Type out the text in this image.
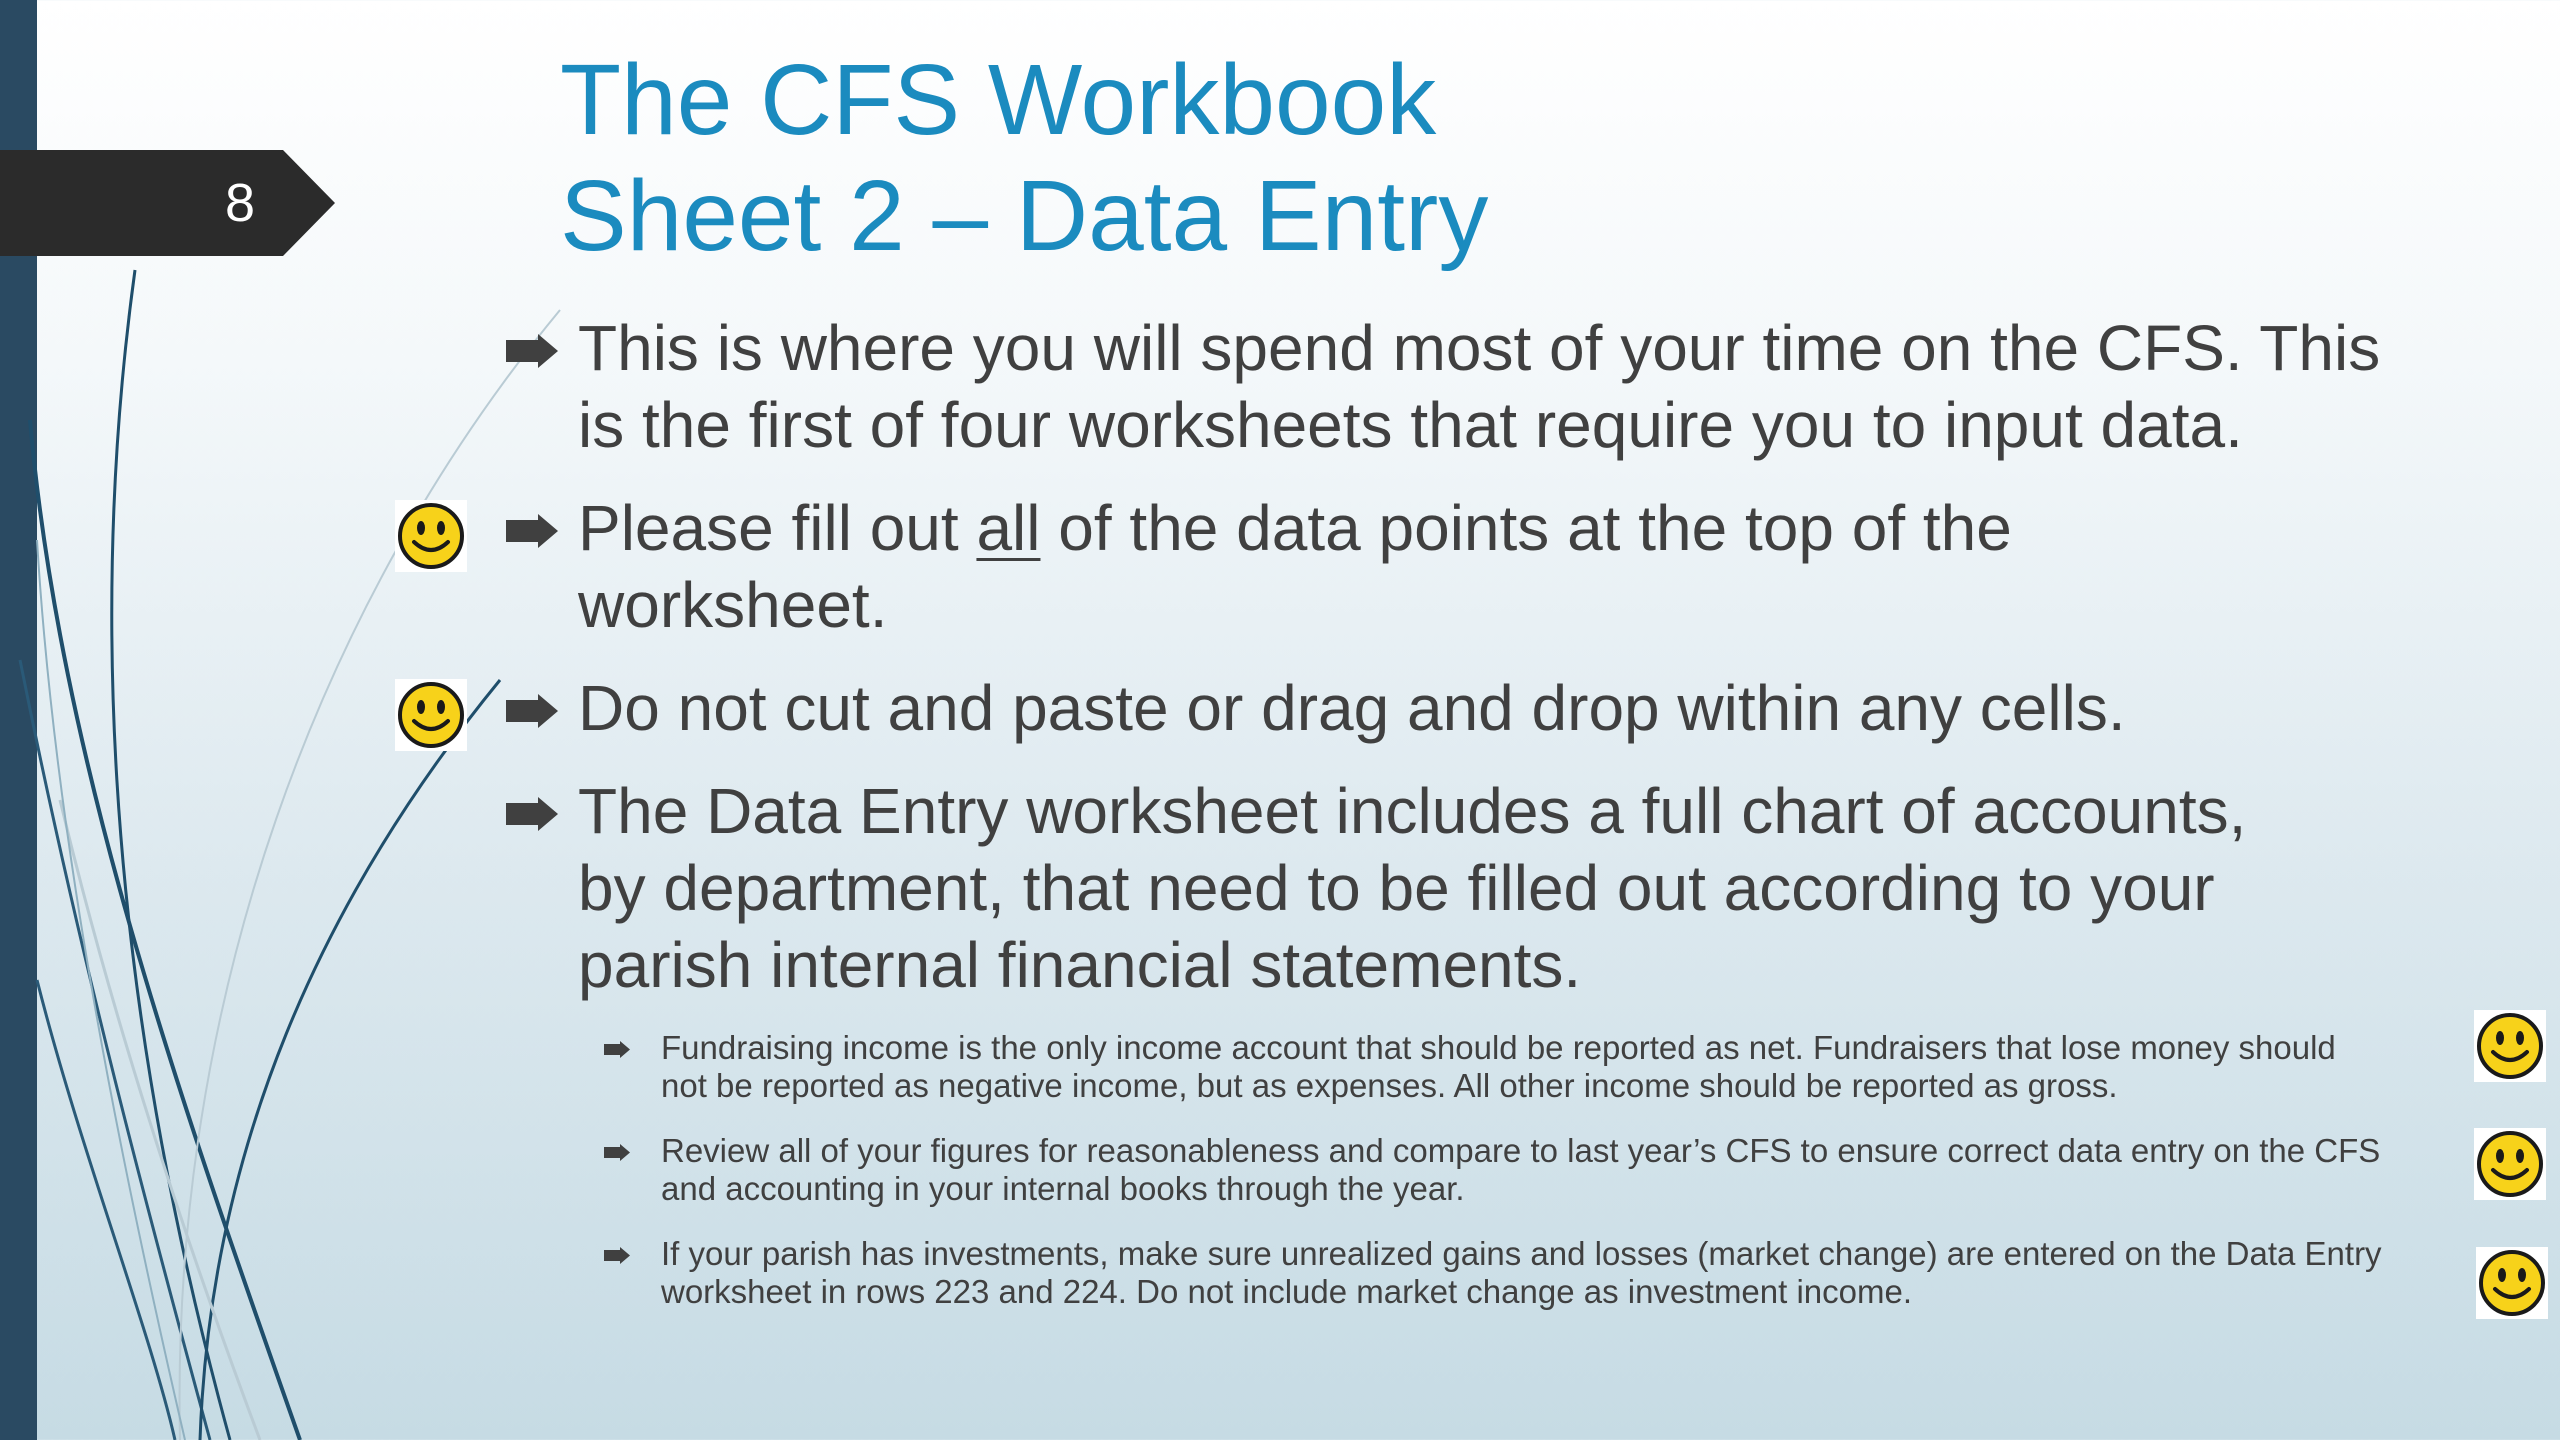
8
The CFS Workbook
Sheet 2 – Data Entry
This is where you will spend most of your time on the CFS. This
is the first of four worksheets that require you to input data.
Please fill out all of the data points at the top of the
worksheet.
Do not cut and paste or drag and drop within any cells.
The Data Entry worksheet includes a full chart of accounts,
by department, that need to be filled out according to your
parish internal financial statements.
Fundraising income is the only income account that should be reported as net. Fundraisers that lose money should
not be reported as negative income, but as expenses. All other income should be reported as gross.
Review all of your figures for reasonableness and compare to last year’s CFS to ensure correct data entry on the CFS
and accounting in your internal books through the year.
If your parish has investments, make sure unrealized gains and losses (market change) are entered on the Data Entry
worksheet in rows 223 and 224. Do not include market change as investment income.
